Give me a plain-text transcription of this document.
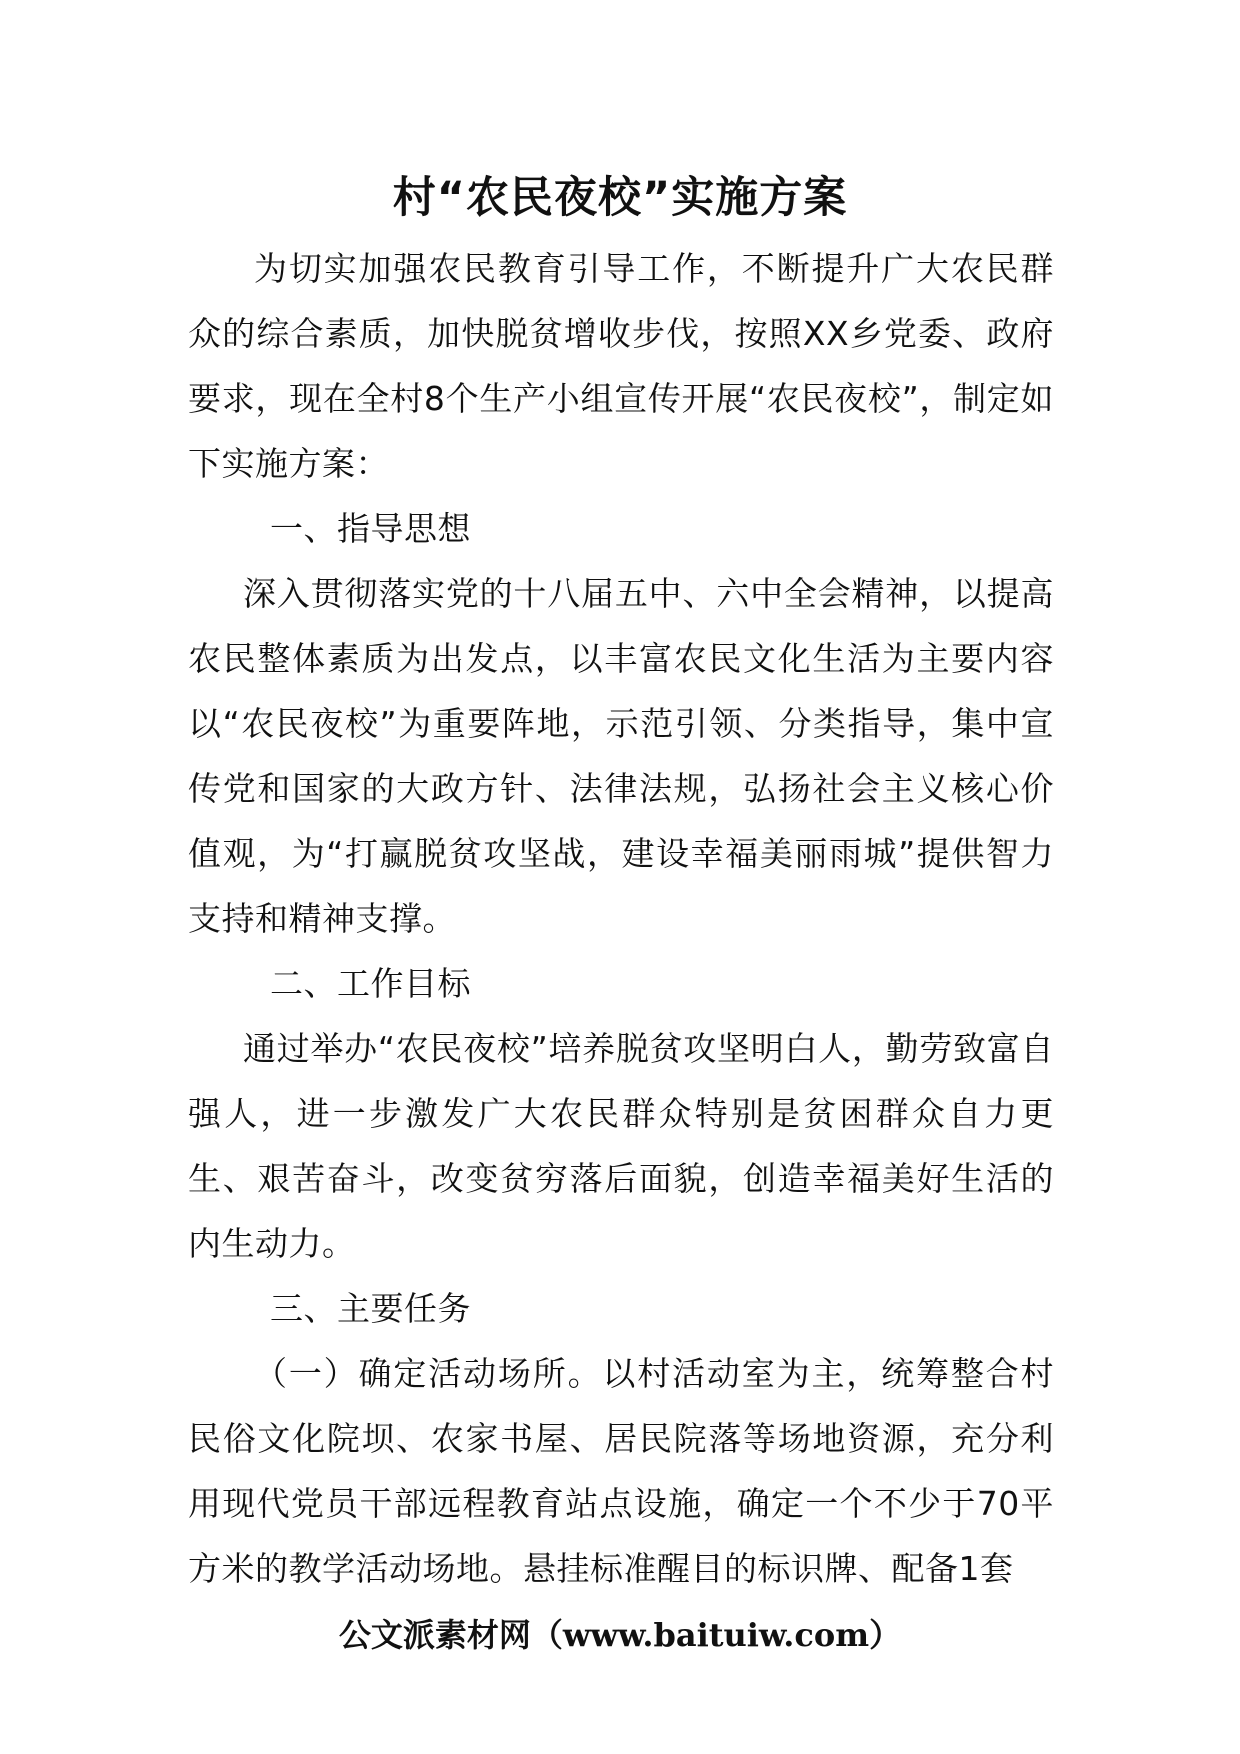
村“农民夜校”实施方案

为切实加强农民教育引导工作，不断提升广大农民群众的综合素质，加快脱贫增收步伐，按照XX乡党委、政府要求，现在全村8个生产小组宣传开展“农民夜校”，制定如下实施方案：

一、指导思想

深入贯彻落实党的十八届五中、六中全会精神，以提高农民整体素质为出发点，以丰富农民文化生活为主要内容以“农民夜校”为重要阵地，示范引领、分类指导，集中宣传党和国家的大政方针、法律法规，弘扬社会主义核心价值观，为“打赢脱贫攻坚战，建设幸福美丽雨城”提供智力支持和精神支撑。

二、工作目标

通过举办“农民夜校”培养脱贫攻坚明白人，勤劳致富自强人，进一步激发广大农民群众特别是贫困群众自力更生、艰苦奋斗，改变贫穷落后面貌，创造幸福美好生活的内生动力。

三、主要任务

（一）确定活动场所。以村活动室为主，统筹整合村民俗文化院坝、农家书屋、居民院落等场地资源，充分利用现代党员干部远程教育站点设施，确定一个不少于70平方米的教学活动场地。悬挂标准醒目的标识牌、配备1套

公文派素材网（www.baituiw.com）
